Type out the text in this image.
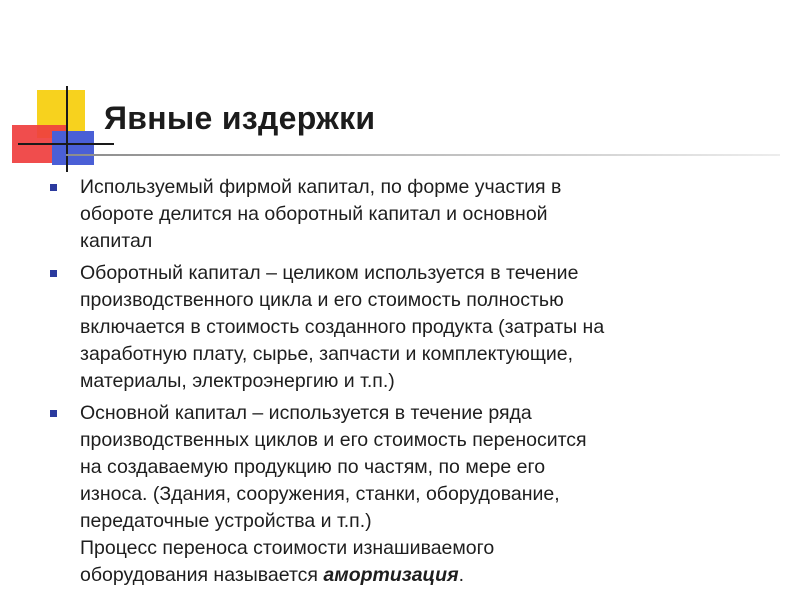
Явные издержки
Используемый фирмой капитал, по форме участия в
обороте делится на оборотный капитал и основной
капитал
Оборотный капитал – целиком используется в течение
производственного цикла и его стоимость полностью
включается в стоимость созданного продукта (затраты на
заработную плату, сырье, запчасти и комплектующие,
материалы, электроэнергию и т.п.)
Основной капитал – используется в течение ряда
производственных циклов и его стоимость переносится
на создаваемую продукцию по частям, по мере его
износа. (Здания, сооружения, станки, оборудование,
передаточные устройства и т.п.)
Процесс переноса стоимости изнашиваемого
оборудования называется амортизация.
